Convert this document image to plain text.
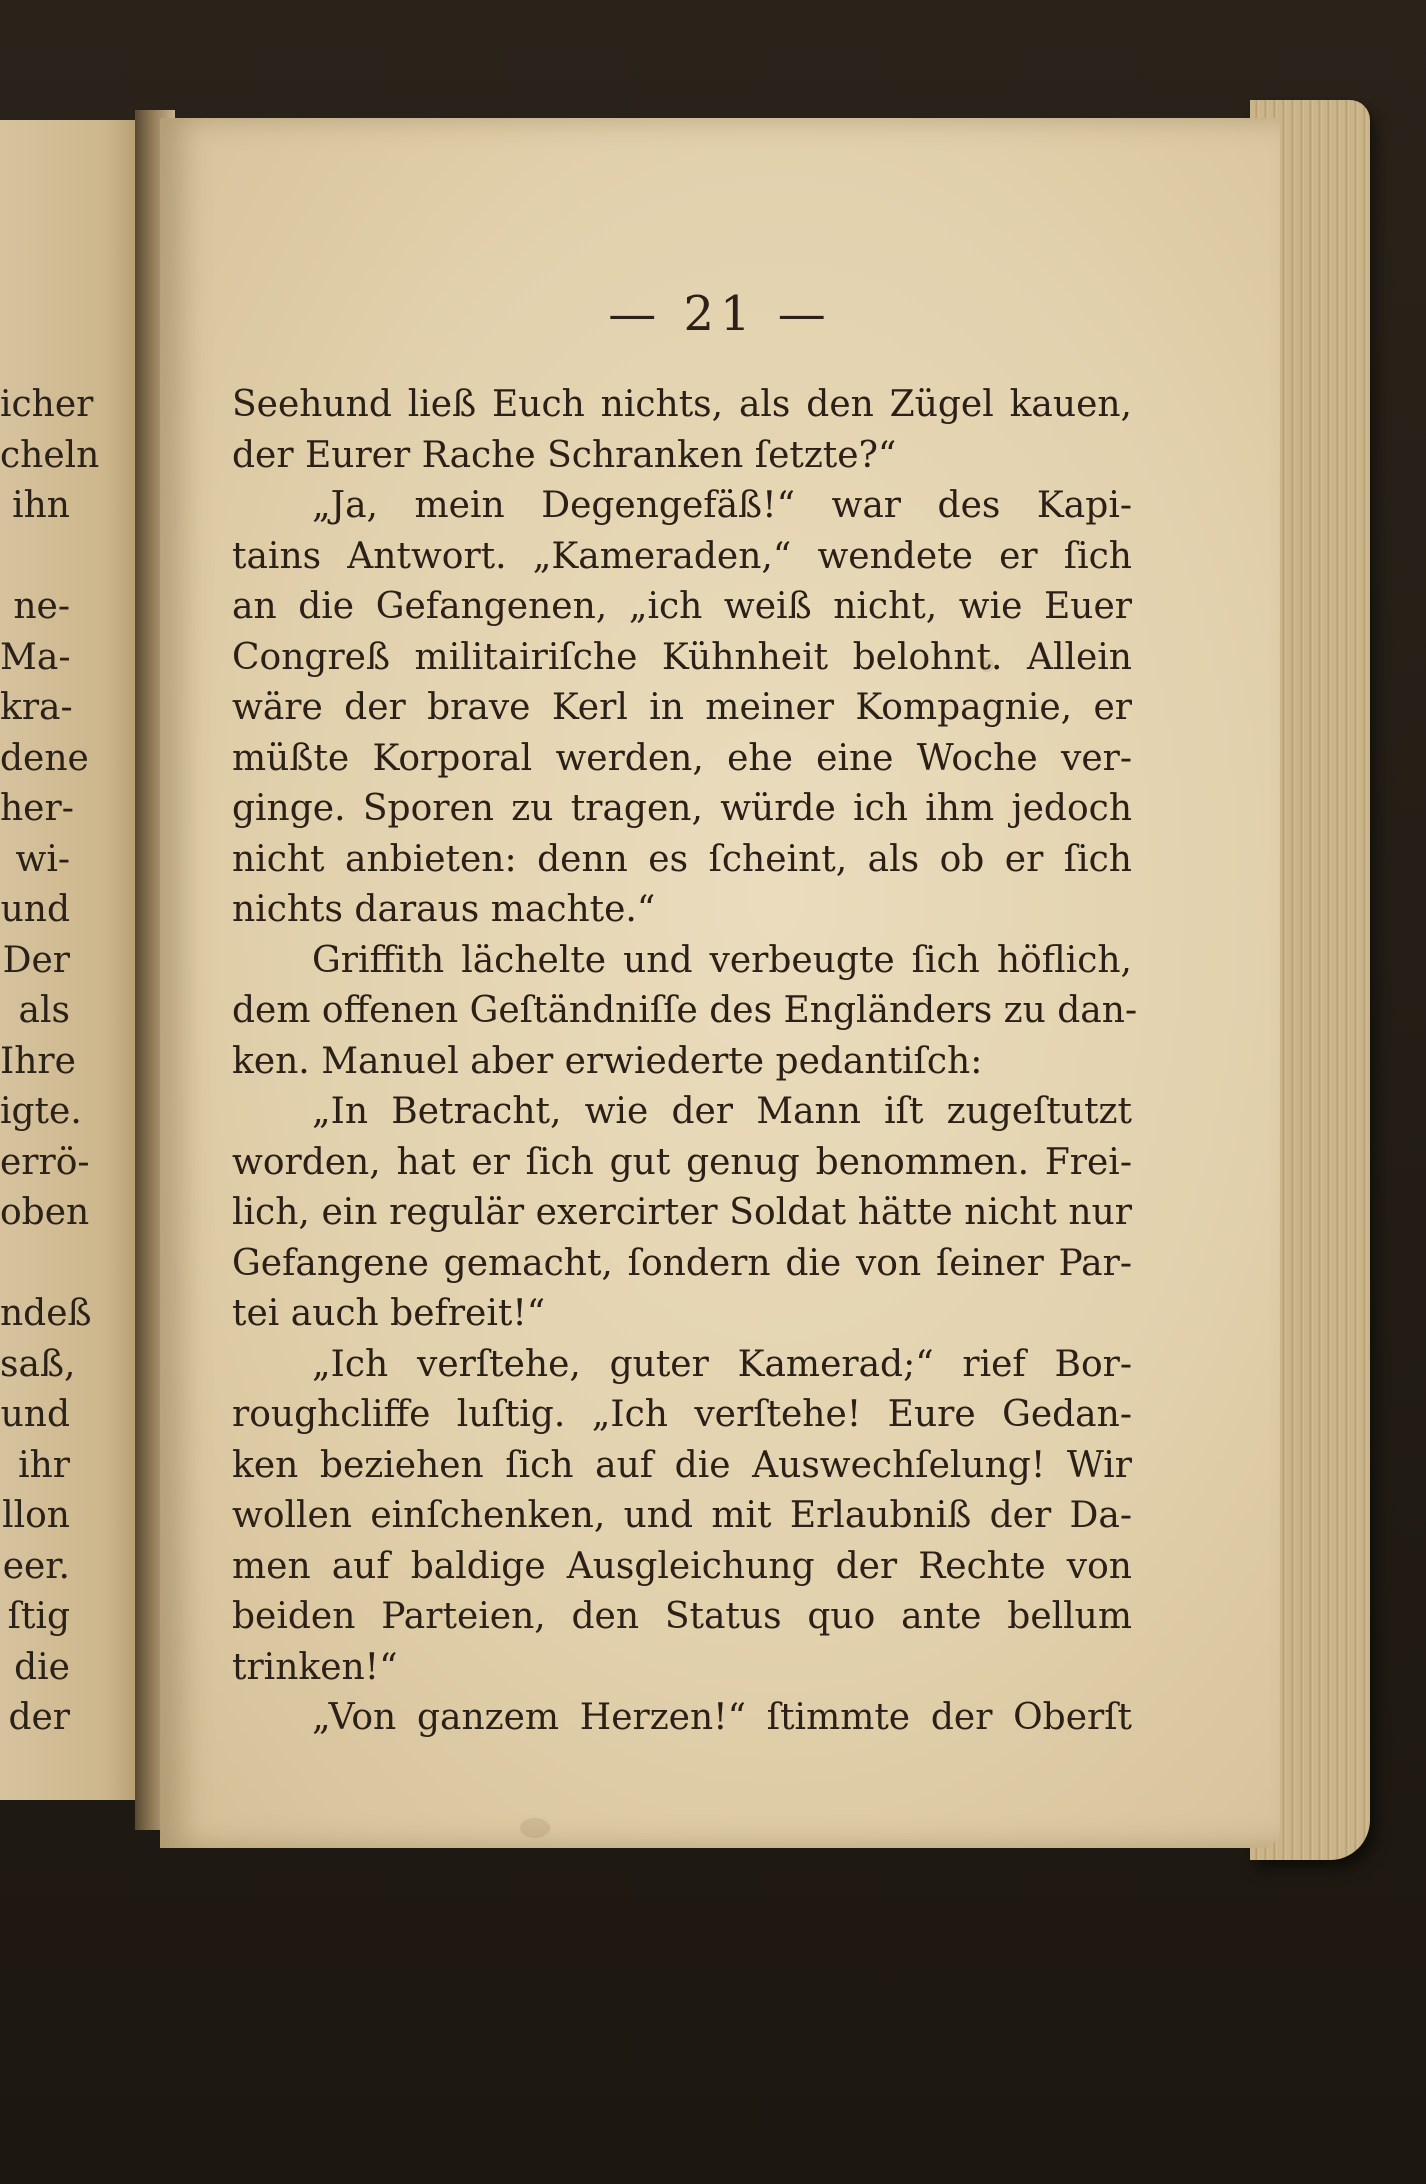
icher
cheln
ihn

ne-
Ma-
kra-
dene
her-
wi-
und
Der
als
Ihre
igte.
errö-
oben

ndeß
saß,
und
ihr
llon
eer.
ſtig
die
der
— 21 —
Seehund ließ Euch nichts, als den Zügel kauen,
der Eurer Rache Schranken ſetzte?“
„Ja, mein Degengefäß!“ war des Kapi-
tains Antwort. „Kameraden,“ wendete er ſich
an die Gefangenen, „ich weiß nicht, wie Euer
Congreß militairiſche Kühnheit belohnt. Allein
wäre der brave Kerl in meiner Kompagnie, er
müßte Korporal werden, ehe eine Woche ver-
ginge. Sporen zu tragen, würde ich ihm jedoch
nicht anbieten: denn es ſcheint, als ob er ſich
nichts daraus machte.“
Griffith lächelte und verbeugte ſich höflich,
dem offenen Geſtändniſſe des Engländers zu dan-
ken. Manuel aber erwiederte pedantiſch:
„In Betracht, wie der Mann iſt zugeſtutzt
worden, hat er ſich gut genug benommen. Frei-
lich, ein regulär exercirter Soldat hätte nicht nur
Gefangene gemacht, ſondern die von ſeiner Par-
tei auch befreit!“
„Ich verſtehe, guter Kamerad;“ rief Bor-
roughcliffe luſtig. „Ich verſtehe! Eure Gedan-
ken beziehen ſich auf die Auswechſelung! Wir
wollen einſchenken, und mit Erlaubniß der Da-
men auf baldige Ausgleichung der Rechte von
beiden Parteien, den Status quo ante bellum
trinken!“
„Von ganzem Herzen!“ ſtimmte der Oberſt
